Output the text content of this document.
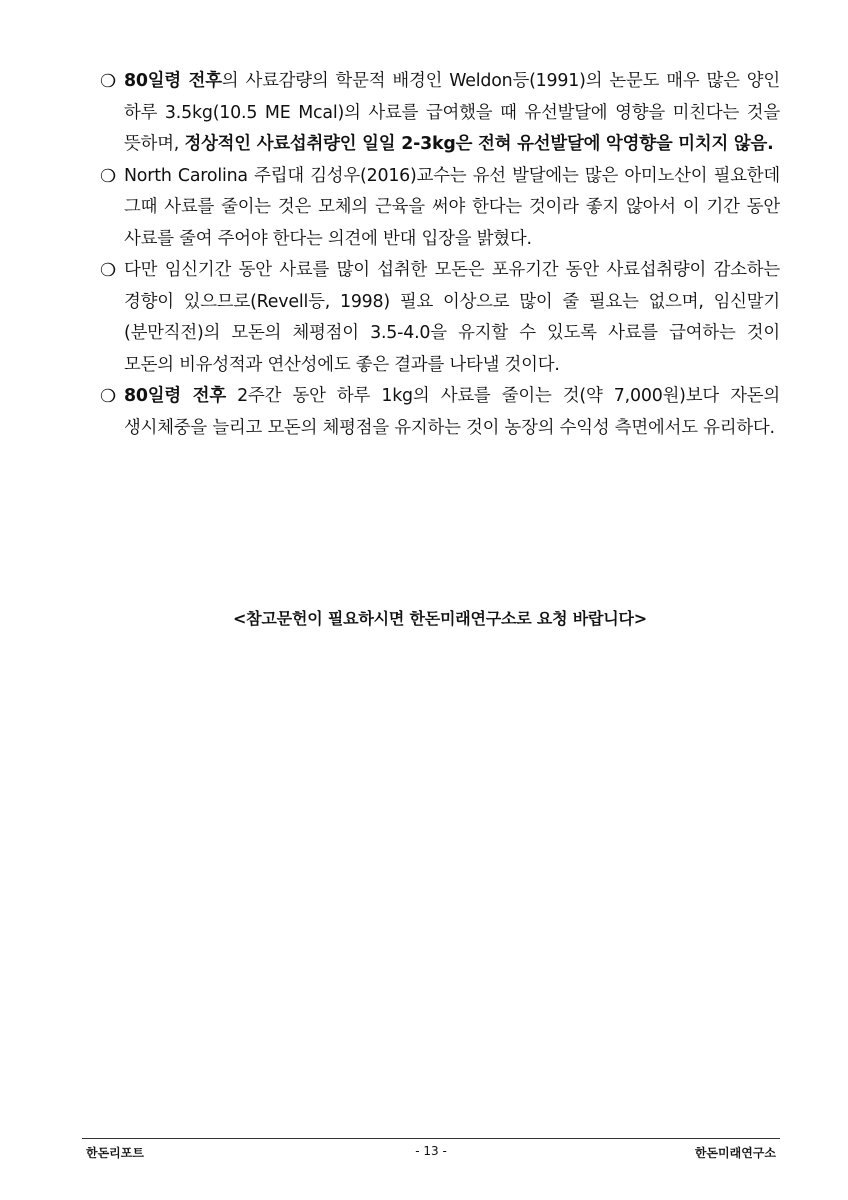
❍ 80일령 전후의 사료감량의 학문적 배경인 Weldon등(1991)의 논문도 매우 많은 양인 하루 3.5kg(10.5 ME Mcal)의 사료를 급여했을 때 유선발달에 영향을 미친다는 것을 뜻하며, 정상적인 사료섭취량인 일일 2-3kg은 전혀 유선발달에 악영향을 미치지 않음.
❍ North Carolina 주립대 김성우(2016)교수는 유선 발달에는 많은 아미노산이 필요한데 그때 사료를 줄이는 것은 모체의 근육을 써야 한다는 것이라 좋지 않아서 이 기간 동안 사료를 줄여 주어야 한다는 의견에 반대 입장을 밝혔다.
❍ 다만 임신기간 동안 사료를 많이 섭취한 모돈은 포유기간 동안 사료섭취량이 감소하는 경향이 있으므로(Revell등, 1998) 필요 이상으로 많이 줄 필요는 없으며, 임신말기(분만직전)의 모돈의 체평점이 3.5-4.0을 유지할 수 있도록 사료를 급여하는 것이 모돈의 비유성적과 연산성에도 좋은 결과를 나타낼 것이다.
❍ 80일령 전후 2주간 동안 하루 1kg의 사료를 줄이는 것(약 7,000원)보다 자돈의 생시체중을 늘리고 모돈의 체평점을 유지하는 것이 농장의 수익성 측면에서도 유리하다.
<참고문헌이 필요하시면 한돈미래연구소로 요청 바랍니다>
한돈리포트	- 13 -	한돈미래연구소
